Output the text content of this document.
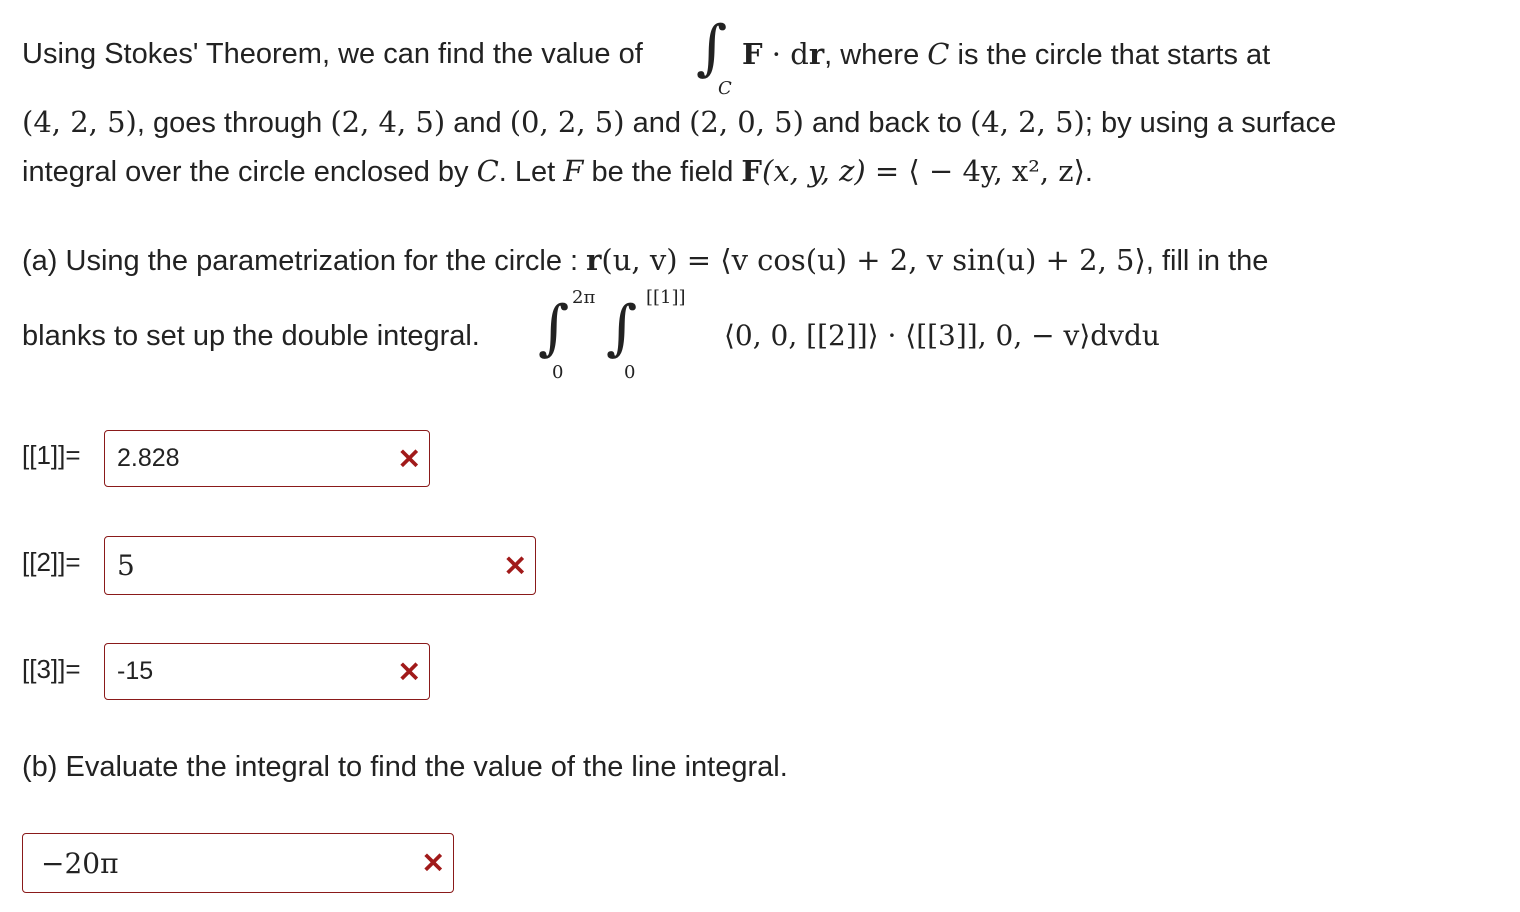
Using Stokes' Theorem, we can find the value of ∫
C
F · dr, where C is the circle that starts at
(4, 2, 5), goes through (2, 4, 5) and (0, 2, 5) and (2, 0, 5) and back to (4, 2, 5); by using a surface
integral over the circle enclosed by C. Let F be the field F(x, y, z) = ⟨ − 4y, x², z⟩.
(a) Using the parametrization for the circle : r(u, v) = ⟨v cos(u) + 2, v sin(u) + 2, 5⟩, fill in the
blanks to set up the double integral. ∫ 2π
0
∫ [[1]]
0
⟨0, 0, [[2]]⟩ · ⟨[[3]], 0, − v⟩dvdu
[[1]]= 2.828	✕
[[2]]= 5	✕
[[3]]= -15	✕
(b) Evaluate the integral to find the value of the line integral.
−20π	✕
